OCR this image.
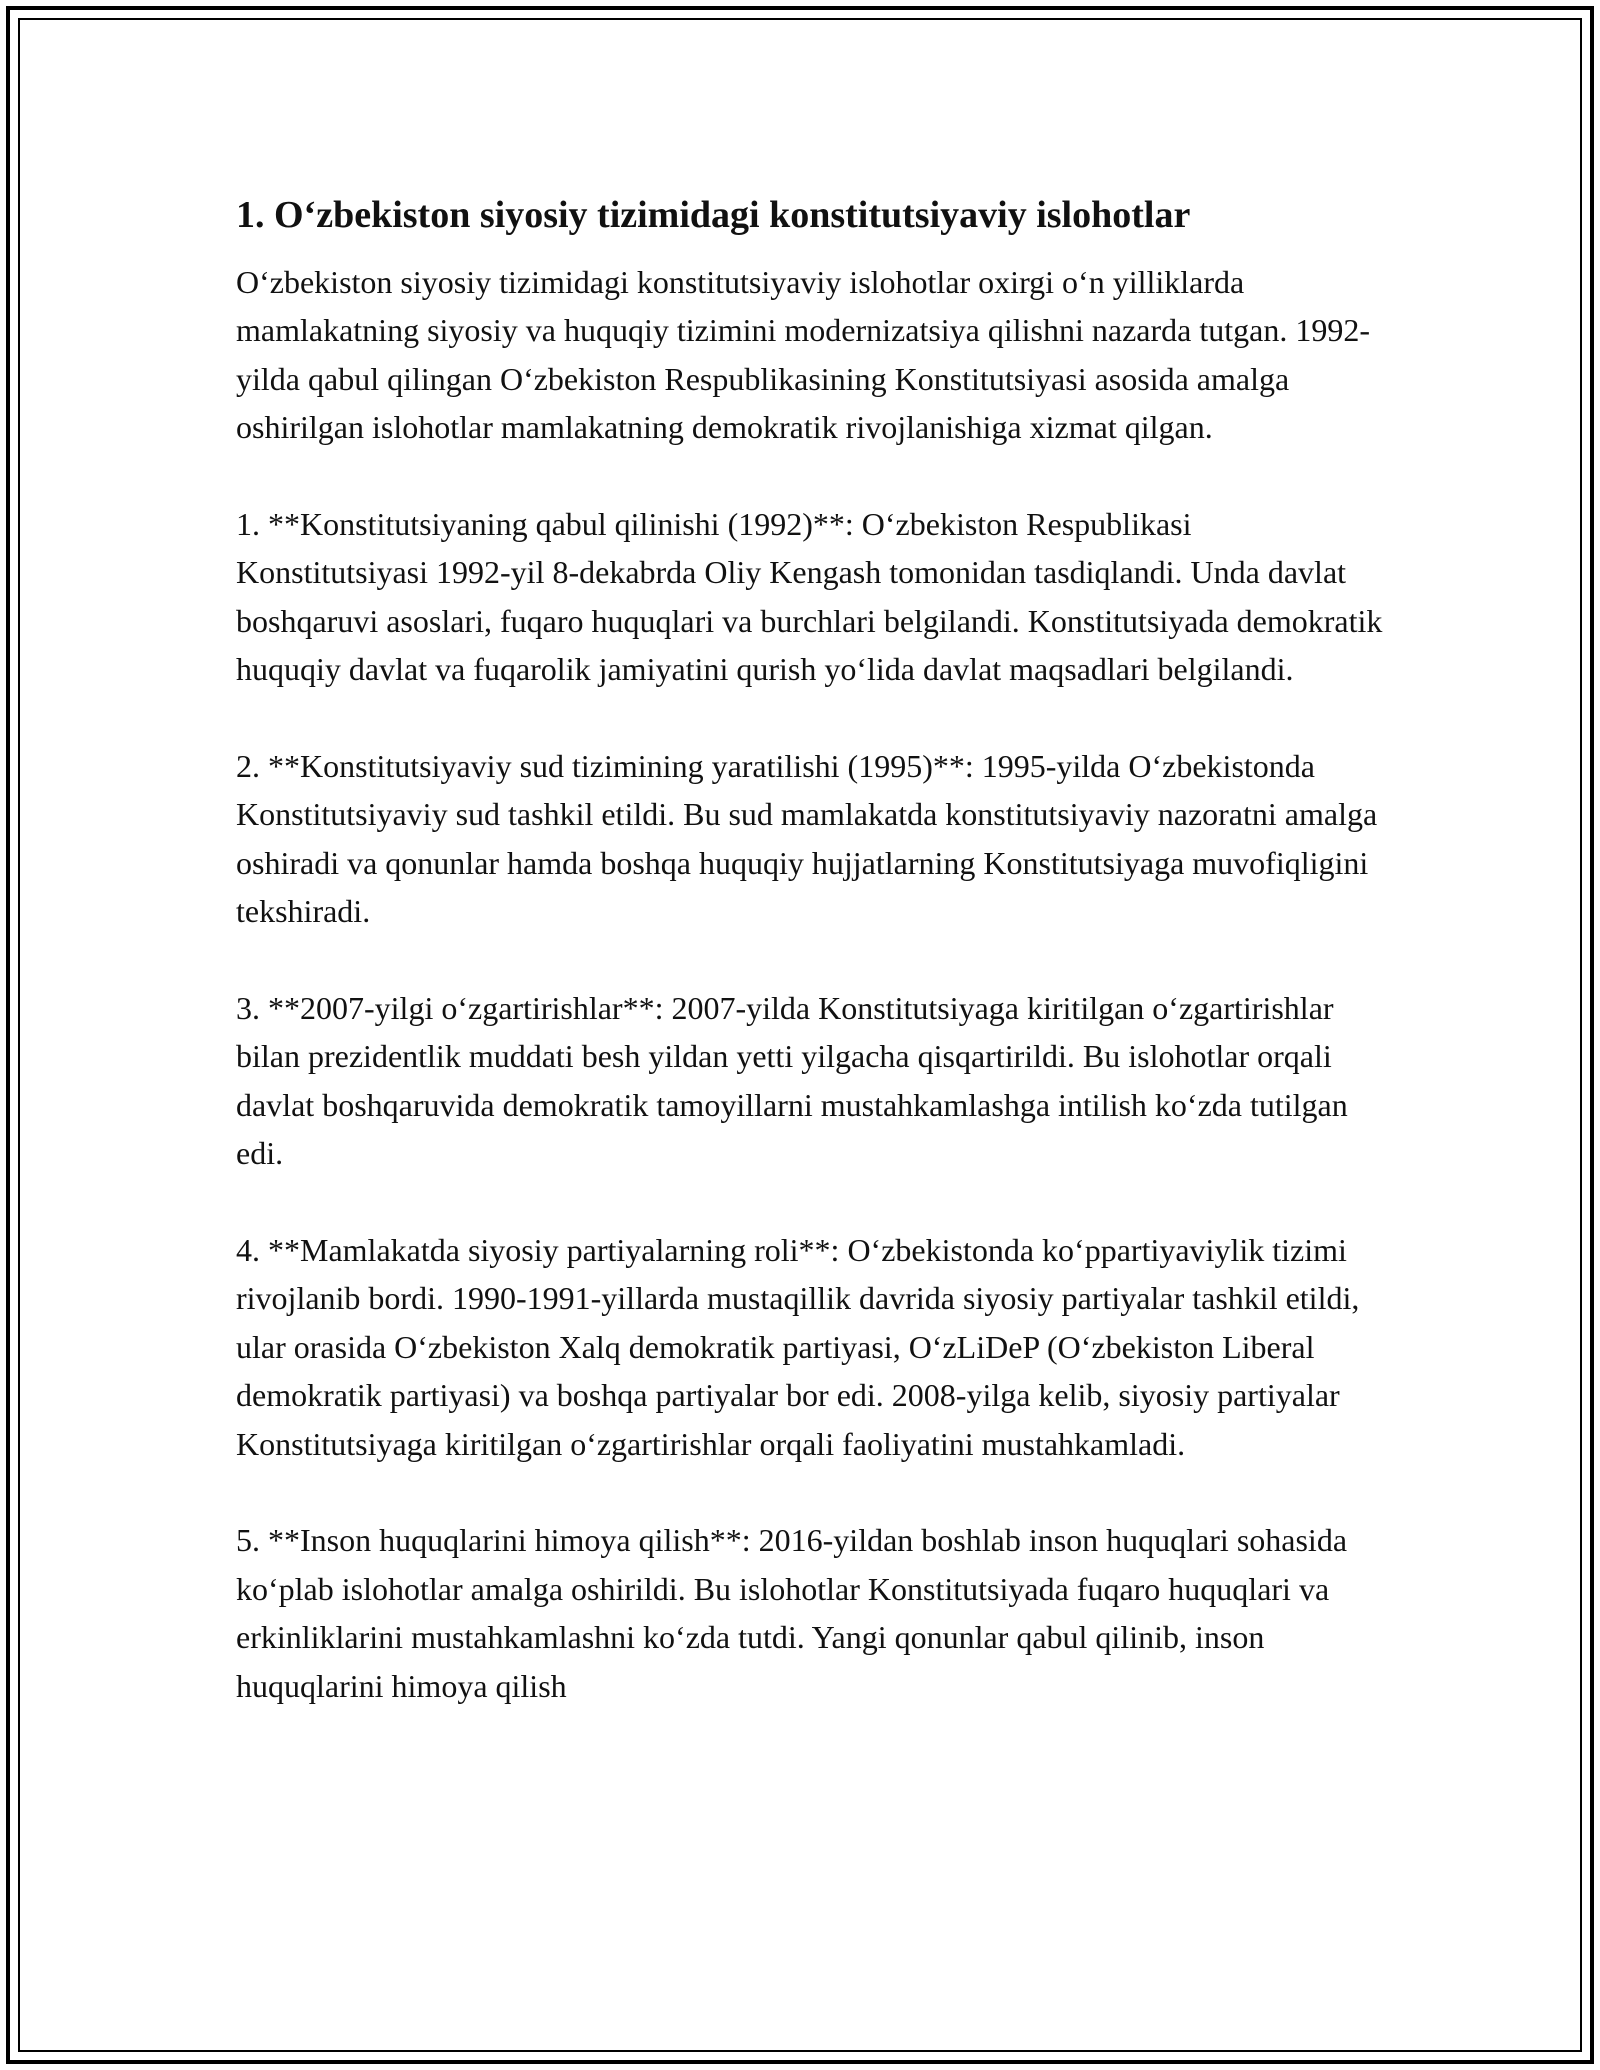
1. O‘zbekiston siyosiy tizimidagi konstitutsiyaviy islohotlar

O‘zbekiston siyosiy tizimidagi konstitutsiyaviy islohotlar oxirgi o‘n yilliklarda mamlakatning siyosiy va huquqiy tizimini modernizatsiya qilishni nazarda tutgan. 1992-yilda qabul qilingan O‘zbekiston Respublikasining Konstitutsiyasi asosida amalga oshirilgan islohotlar mamlakatning demokratik rivojlanishiga xizmat qilgan.

1. **Konstitutsiyaning qabul qilinishi (1992)**: O‘zbekiston Respublikasi Konstitutsiyasi 1992-yil 8-dekabrda Oliy Kengash tomonidan tasdiqlandi. Unda davlat boshqaruvi asoslari, fuqaro huquqlari va burchlari belgilandi. Konstitutsiyada demokratik huquqiy davlat va fuqarolik jamiyatini qurish yo‘lida davlat maqsadlari belgilandi.

2. **Konstitutsiyaviy sud tizimining yaratilishi (1995)**: 1995-yilda O‘zbekistonda Konstitutsiyaviy sud tashkil etildi. Bu sud mamlakatda konstitutsiyaviy nazoratni amalga oshiradi va qonunlar hamda boshqa huquqiy hujjatlarning Konstitutsiyaga muvofiqligini tekshiradi.

3. **2007-yilgi o‘zgartirishlar**: 2007-yilda Konstitutsiyaga kiritilgan o‘zgartirishlar bilan prezidentlik muddati besh yildan yetti yilgacha qisqartirildi. Bu islohotlar orqali davlat boshqaruvida demokratik tamoyillarni mustahkamlashga intilish ko‘zda tutilgan edi.

4. **Mamlakatda siyosiy partiyalarning roli**: O‘zbekistonda ko‘ppartiyaviylik tizimi rivojlanib bordi. 1990-1991-yillarda mustaqillik davrida siyosiy partiyalar tashkil etildi, ular orasida O‘zbekiston Xalq demokratik partiyasi, O‘zLiDeP (O‘zbekiston Liberal demokratik partiyasi) va boshqa partiyalar bor edi. 2008-yilga kelib, siyosiy partiyalar Konstitutsiyaga kiritilgan o‘zgartirishlar orqali faoliyatini mustahkamladi.

5. **Inson huquqlarini himoya qilish**: 2016-yildan boshlab inson huquqlari sohasida ko‘plab islohotlar amalga oshirildi. Bu islohotlar Konstitutsiyada fuqaro huquqlari va erkinliklarini mustahkamlashni ko‘zda tutdi. Yangi qonunlar qabul qilinib, inson huquqlarini himoya qilish
